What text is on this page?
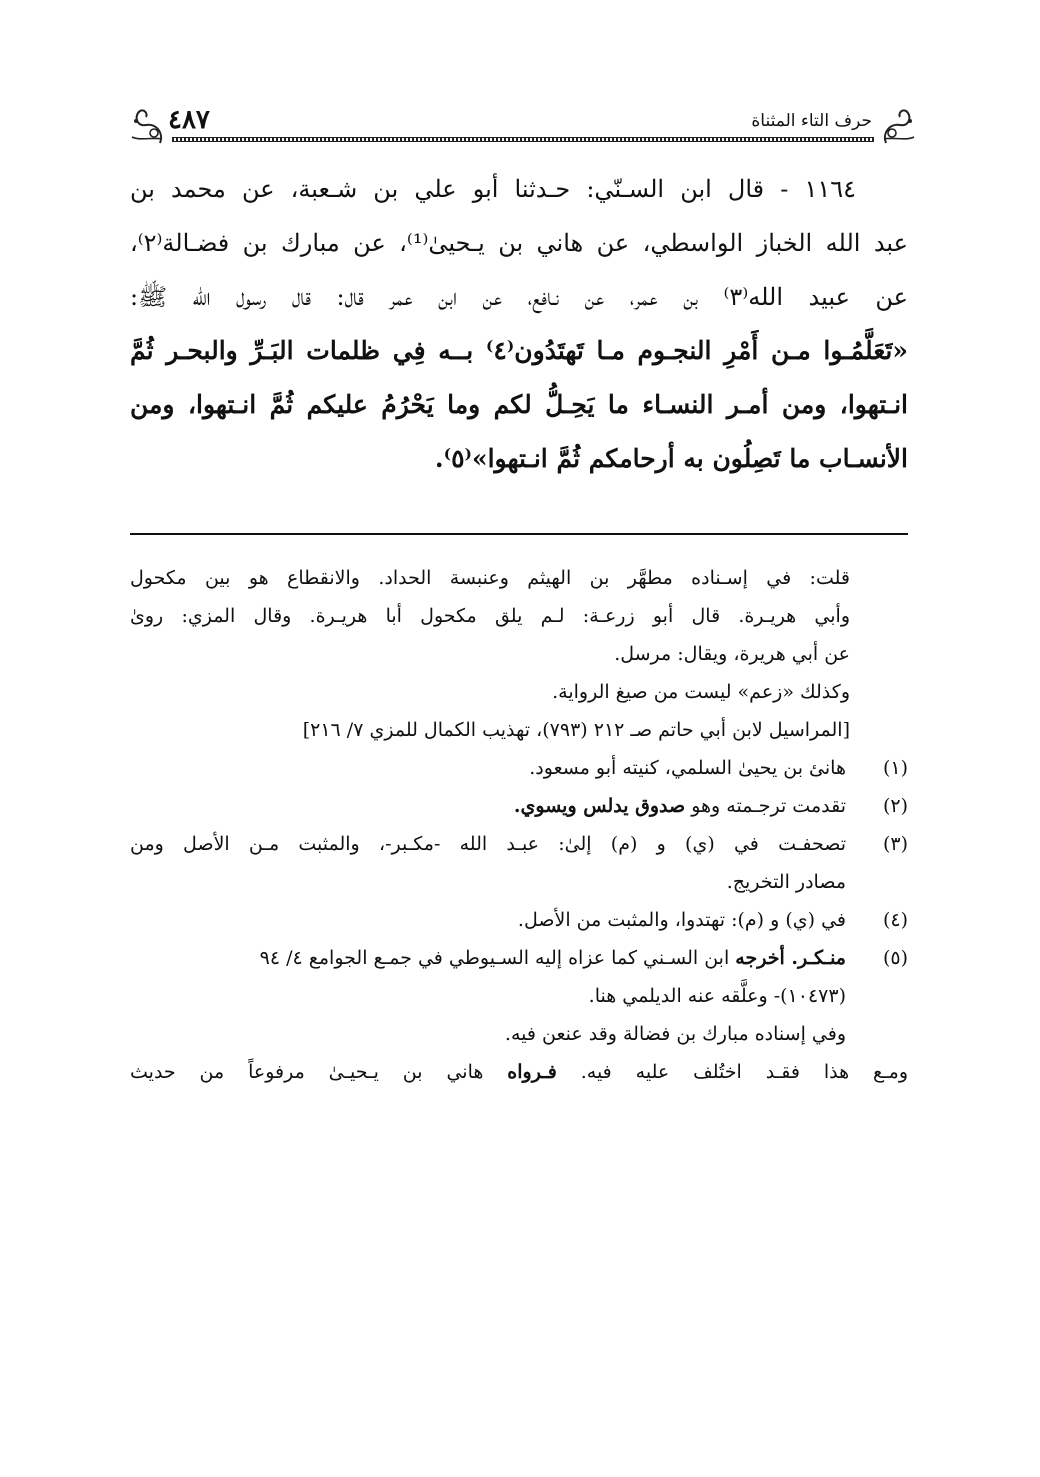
حرف التاء المثناة
٤٨٧
١١٦٤ - قال ابن السـنّي: حـدثنا أبو علي بن شـعبة، عن محمد بن
عبد الله الخباز الواسطي، عن هاني بن يـحيىٰ⁽¹⁾، عن مبارك بن فضـالة⁽٢⁾،
عن عبيد الله⁽٣⁾ بن عمر، عن نـافع، عن ابن عمر قال: قال رسول الله ﷺ:
«تَعَلَّمُـوا مـن أَمْرِ النجـوم مـا تَهتَدُون⁽٤⁾ بــه فِي ظلمات البَـرِّ والبحـر ثُمَّ
انـتهوا، ومن أمـر النسـاء ما يَحِـلُّ لكم وما يَحْرُمُ عليكم ثُمَّ انـتهوا، ومن
الأنسـاب ما تَصِلُون به أرحامكم ثُمَّ انـتهوا»⁽٥⁾.
قلت: في إسـناده مطهَّر بن الهيثم وعنبسة الحداد. والانقطاع هو بين مكحول
وأبي هريـرة. قال أبو زرعـة: لـم يلق مكحول أبا هريـرة. وقال المزي: روىٰ
عن أبي هريرة، ويقال: مرسل.
وكذلك «زعم» ليست من صيغ الرواية.
[المراسيل لابن أبي حاتم صـ ٢١٢ (٧٩٣)، تهذيب الكمال للمزي ٧/ ٢١٦]
(١)
هانئ بن يحيىٰ السلمي، كنيته أبو مسعود.
(٢)
تقدمت ترجـمته وهو صدوق يدلس ويسوي.
(٣)
تصحفـت في (ي) و (م) إلىٰ: عبـد الله -مكـبر-، والمثبت مـن الأصل ومن
مصادر التخريج.
(٤)
في (ي) و (م): تهتدوا، والمثبت من الأصل.
(٥)
منـكـر. أخرجه ابن السـني كما عزاه إليه السـيوطي في جمـع الجوامع ٤/ ٩٤
(١٠٤٧٣)- وعلَّقه عنه الديلمي هنا.
وفي إسناده مبارك بن فضالة وقد عنعن فيه.
ومـع هذا فقـد اختُلف عليه فيه. فـرواه هاني بن يـحيـىٰ مرفوعاً من حديث
